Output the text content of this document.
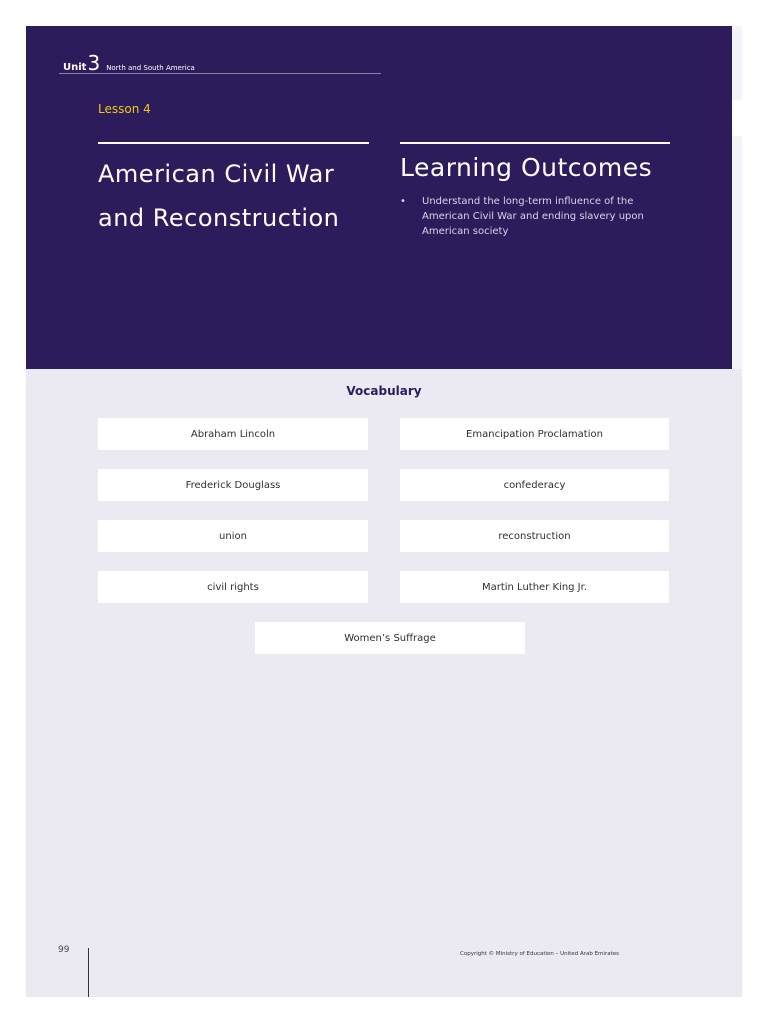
Unit 3 North and South America
Lesson 4
American Civil War
and Reconstruction
Learning Outcomes
•	Understand the long-term influence of the American Civil War and ending slavery upon American society
Vocabulary
Abraham Lincoln	Emancipation Proclamation
Frederick Douglass	confederacy
union	reconstruction
civil rights	Martin Luther King Jr.
Women’s Suffrage
99	Copyright © Ministry of Education – United Arab Emirates
